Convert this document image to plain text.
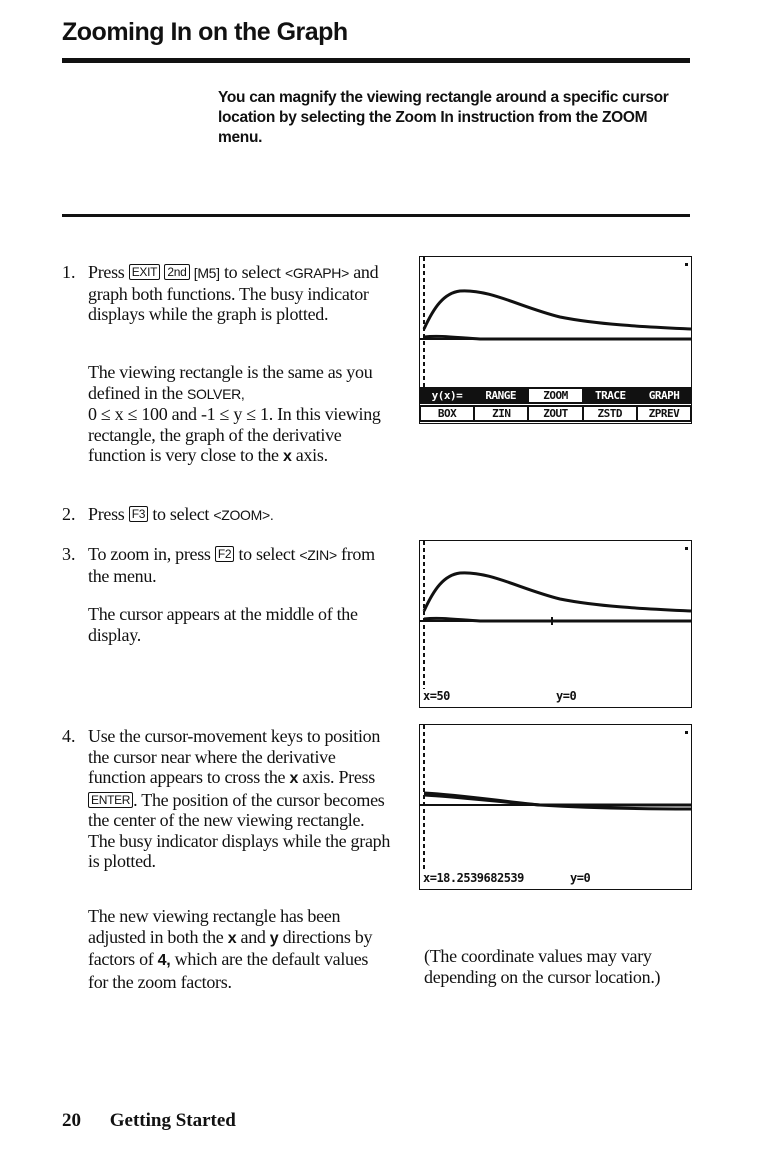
Zooming In on the Graph
You can magnify the viewing rectangle around a specific cursor location by selecting the Zoom In instruction from the ZOOM menu.
1. Press EXIT 2nd [M5] to select <GRAPH> and graph both functions. The busy indicator displays while the graph is plotted.
The viewing rectangle is the same as you defined in the SOLVER,
0 ≤ x ≤ 100 and -1 ≤ y ≤ 1. In this viewing rectangle, the graph of the derivative function is very close to the x axis.
y(x)=	RANGE	ZOOM	TRACE	GRAPH
BOX	ZIN	ZOUT	ZSTD	ZPREV
2. Press F3 to select <ZOOM>.
3. To zoom in, press F2 to select <ZIN> from the menu.
The cursor appears at the middle of the display.
x=50	y=0
4. Use the cursor-movement keys to position the cursor near where the derivative function appears to cross the x axis. Press ENTER . The position of the cursor becomes the center of the new viewing rectangle. The busy indicator displays while the graph is plotted.
The new viewing rectangle has been adjusted in both the x and y directions by factors of 4, which are the default values for the zoom factors.
x=18.2539682539	y=0
(The coordinate values may vary depending on the cursor location.)
20 Getting Started
